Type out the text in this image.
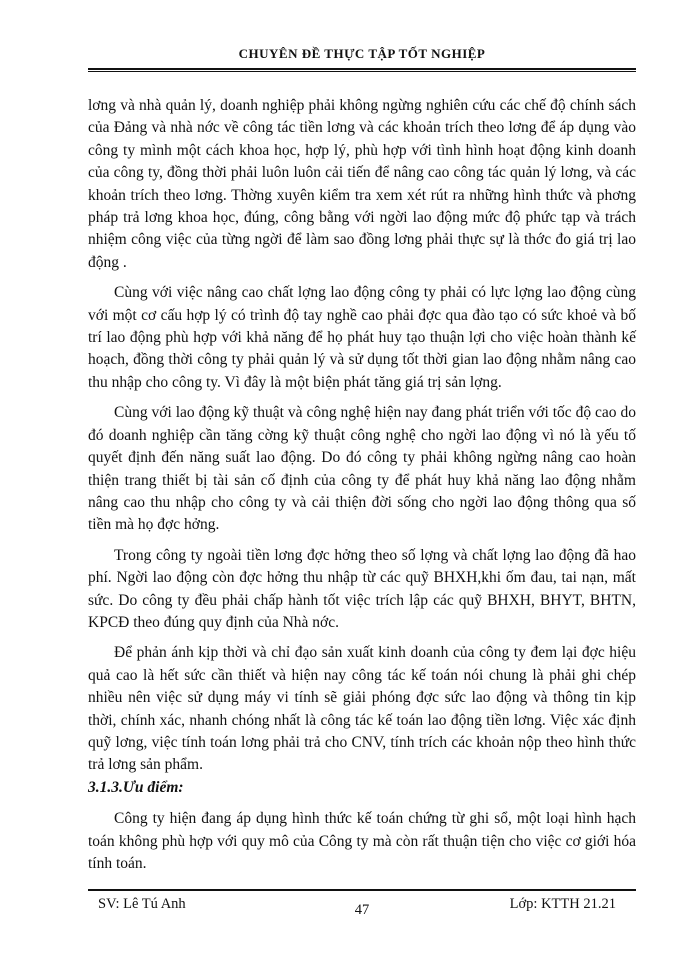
CHUYÊN ĐỀ THỰC TẬP TỐT NGHIỆP

lơng và nhà quản lý, doanh nghiệp phải không ngừng nghiên cứu các chế độ chính sách của Đảng và nhà nớc về công tác tiền lơng và các khoản trích theo lơng để áp dụng vào công ty mình một cách khoa học, hợp lý, phù hợp với tình hình hoạt động kinh doanh của công ty, đồng thời phải luôn luôn cải tiến để nâng cao công tác quản lý lơng, và các khoản trích theo lơng. Thờng xuyên kiểm tra xem xét rút ra những hình thức và phơng pháp trả lơng khoa học, đúng, công bằng với ngời lao động mức độ phức tạp và trách nhiệm công việc của từng ngời để làm sao đồng lơng phải thực sự là thớc đo giá trị lao động .

Cùng với việc nâng cao chất lợng lao động công ty phải có lực lợng lao động cùng với một cơ cấu hợp lý có trình độ tay nghề cao phải đợc qua đào tạo có sức khoẻ và bố trí lao động phù hợp với khả năng để họ phát huy tạo thuận lợi cho việc hoàn thành kế hoạch, đồng thời công ty phải quản lý và sử dụng tốt thời gian lao động nhằm nâng cao thu nhập cho công ty. Vì đây là một biện phát tăng giá trị sản lợng.

Cùng với lao động kỹ thuật và công nghệ hiện nay đang phát triển với tốc độ cao do đó doanh nghiệp cần tăng cờng kỹ thuật công nghệ cho ngời lao động vì nó là yếu tố quyết định đến năng suất lao động. Do đó công ty phải không ngừng nâng cao hoàn thiện trang thiết bị tài sản cố định của công ty để phát huy khả năng lao động nhằm nâng cao thu nhập cho công ty và cải thiện đời sống cho ngời lao động thông qua số tiền mà họ đợc hởng.

Trong công ty ngoài tiền lơng đợc hởng theo số lợng và chất lợng lao động đã hao phí. Ngời lao động còn đợc hởng thu nhập từ các quỹ BHXH,khi ốm đau, tai nạn, mất sức. Do công ty đều phải chấp hành tốt việc trích lập các quỹ BHXH, BHYT, BHTN, KPCĐ theo đúng quy định của Nhà nớc.

Để phản ánh kịp thời và chỉ đạo sản xuất kinh doanh của công ty đem lại đợc hiệu quả cao là hết sức cần thiết và hiện nay công tác kế toán nói chung là phải ghi chép nhiều nên việc sử dụng máy vi tính sẽ giải phóng đợc sức lao động và thông tin kịp thời, chính xác, nhanh chóng nhất là công tác kế toán lao động tiền lơng. Việc xác định quỹ lơng, việc tính toán lơng phải trả cho CNV, tính trích các khoản nộp theo hình thức trả lơng sản phẩm.

3.1.3.Ưu điểm:

Công ty hiện đang áp dụng hình thức kế toán chứng từ ghi sổ, một loại hình hạch toán không phù hợp với quy mô của Công ty mà còn rất thuận tiện cho việc cơ giới hóa tính toán.

SV: Lê Tú Anh	47	Lớp: KTTH 21.21
